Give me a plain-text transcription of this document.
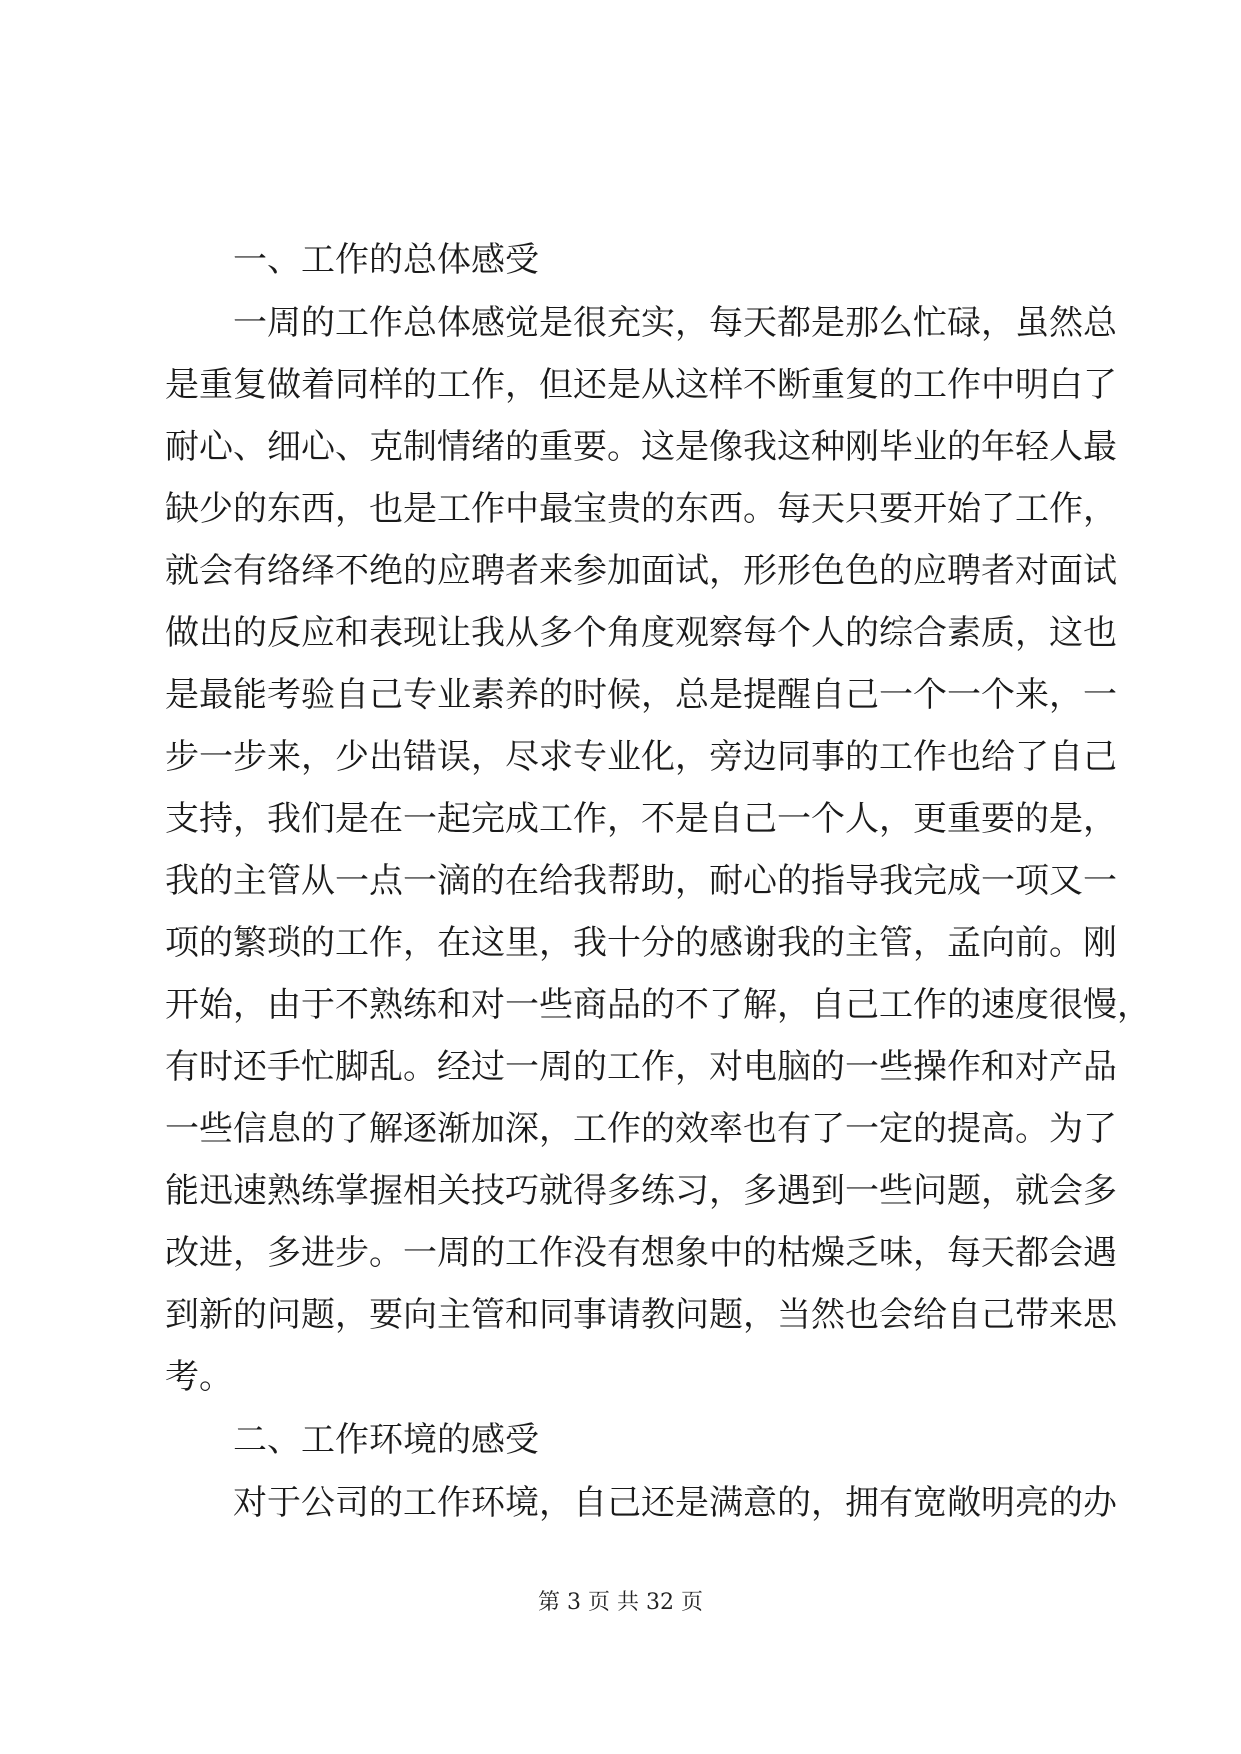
一、工作的总体感受
一周的工作总体感觉是很充实，每天都是那么忙碌，虽然总
是重复做着同样的工作，但还是从这样不断重复的工作中明白了
耐心、细心、克制情绪的重要。这是像我这种刚毕业的年轻人最
缺少的东西，也是工作中最宝贵的东西。每天只要开始了工作，
就会有络绎不绝的应聘者来参加面试，形形色色的应聘者对面试
做出的反应和表现让我从多个角度观察每个人的综合素质，这也
是最能考验自己专业素养的时候，总是提醒自己一个一个来，一
步一步来，少出错误，尽求专业化，旁边同事的工作也给了自己
支持，我们是在一起完成工作，不是自己一个人，更重要的是，
我的主管从一点一滴的在给我帮助，耐心的指导我完成一项又一
项的繁琐的工作，在这里，我十分的感谢我的主管，孟向前。刚
开始，由于不熟练和对一些商品的不了解，自己工作的速度很慢，
有时还手忙脚乱。经过一周的工作，对电脑的一些操作和对产品
一些信息的了解逐渐加深，工作的效率也有了一定的提高。为了
能迅速熟练掌握相关技巧就得多练习，多遇到一些问题，就会多
改进，多进步。一周的工作没有想象中的枯燥乏味，每天都会遇
到新的问题，要向主管和同事请教问题，当然也会给自己带来思
考。
二、工作环境的感受
对于公司的工作环境，自己还是满意的，拥有宽敞明亮的办
第 3 页 共 32 页
